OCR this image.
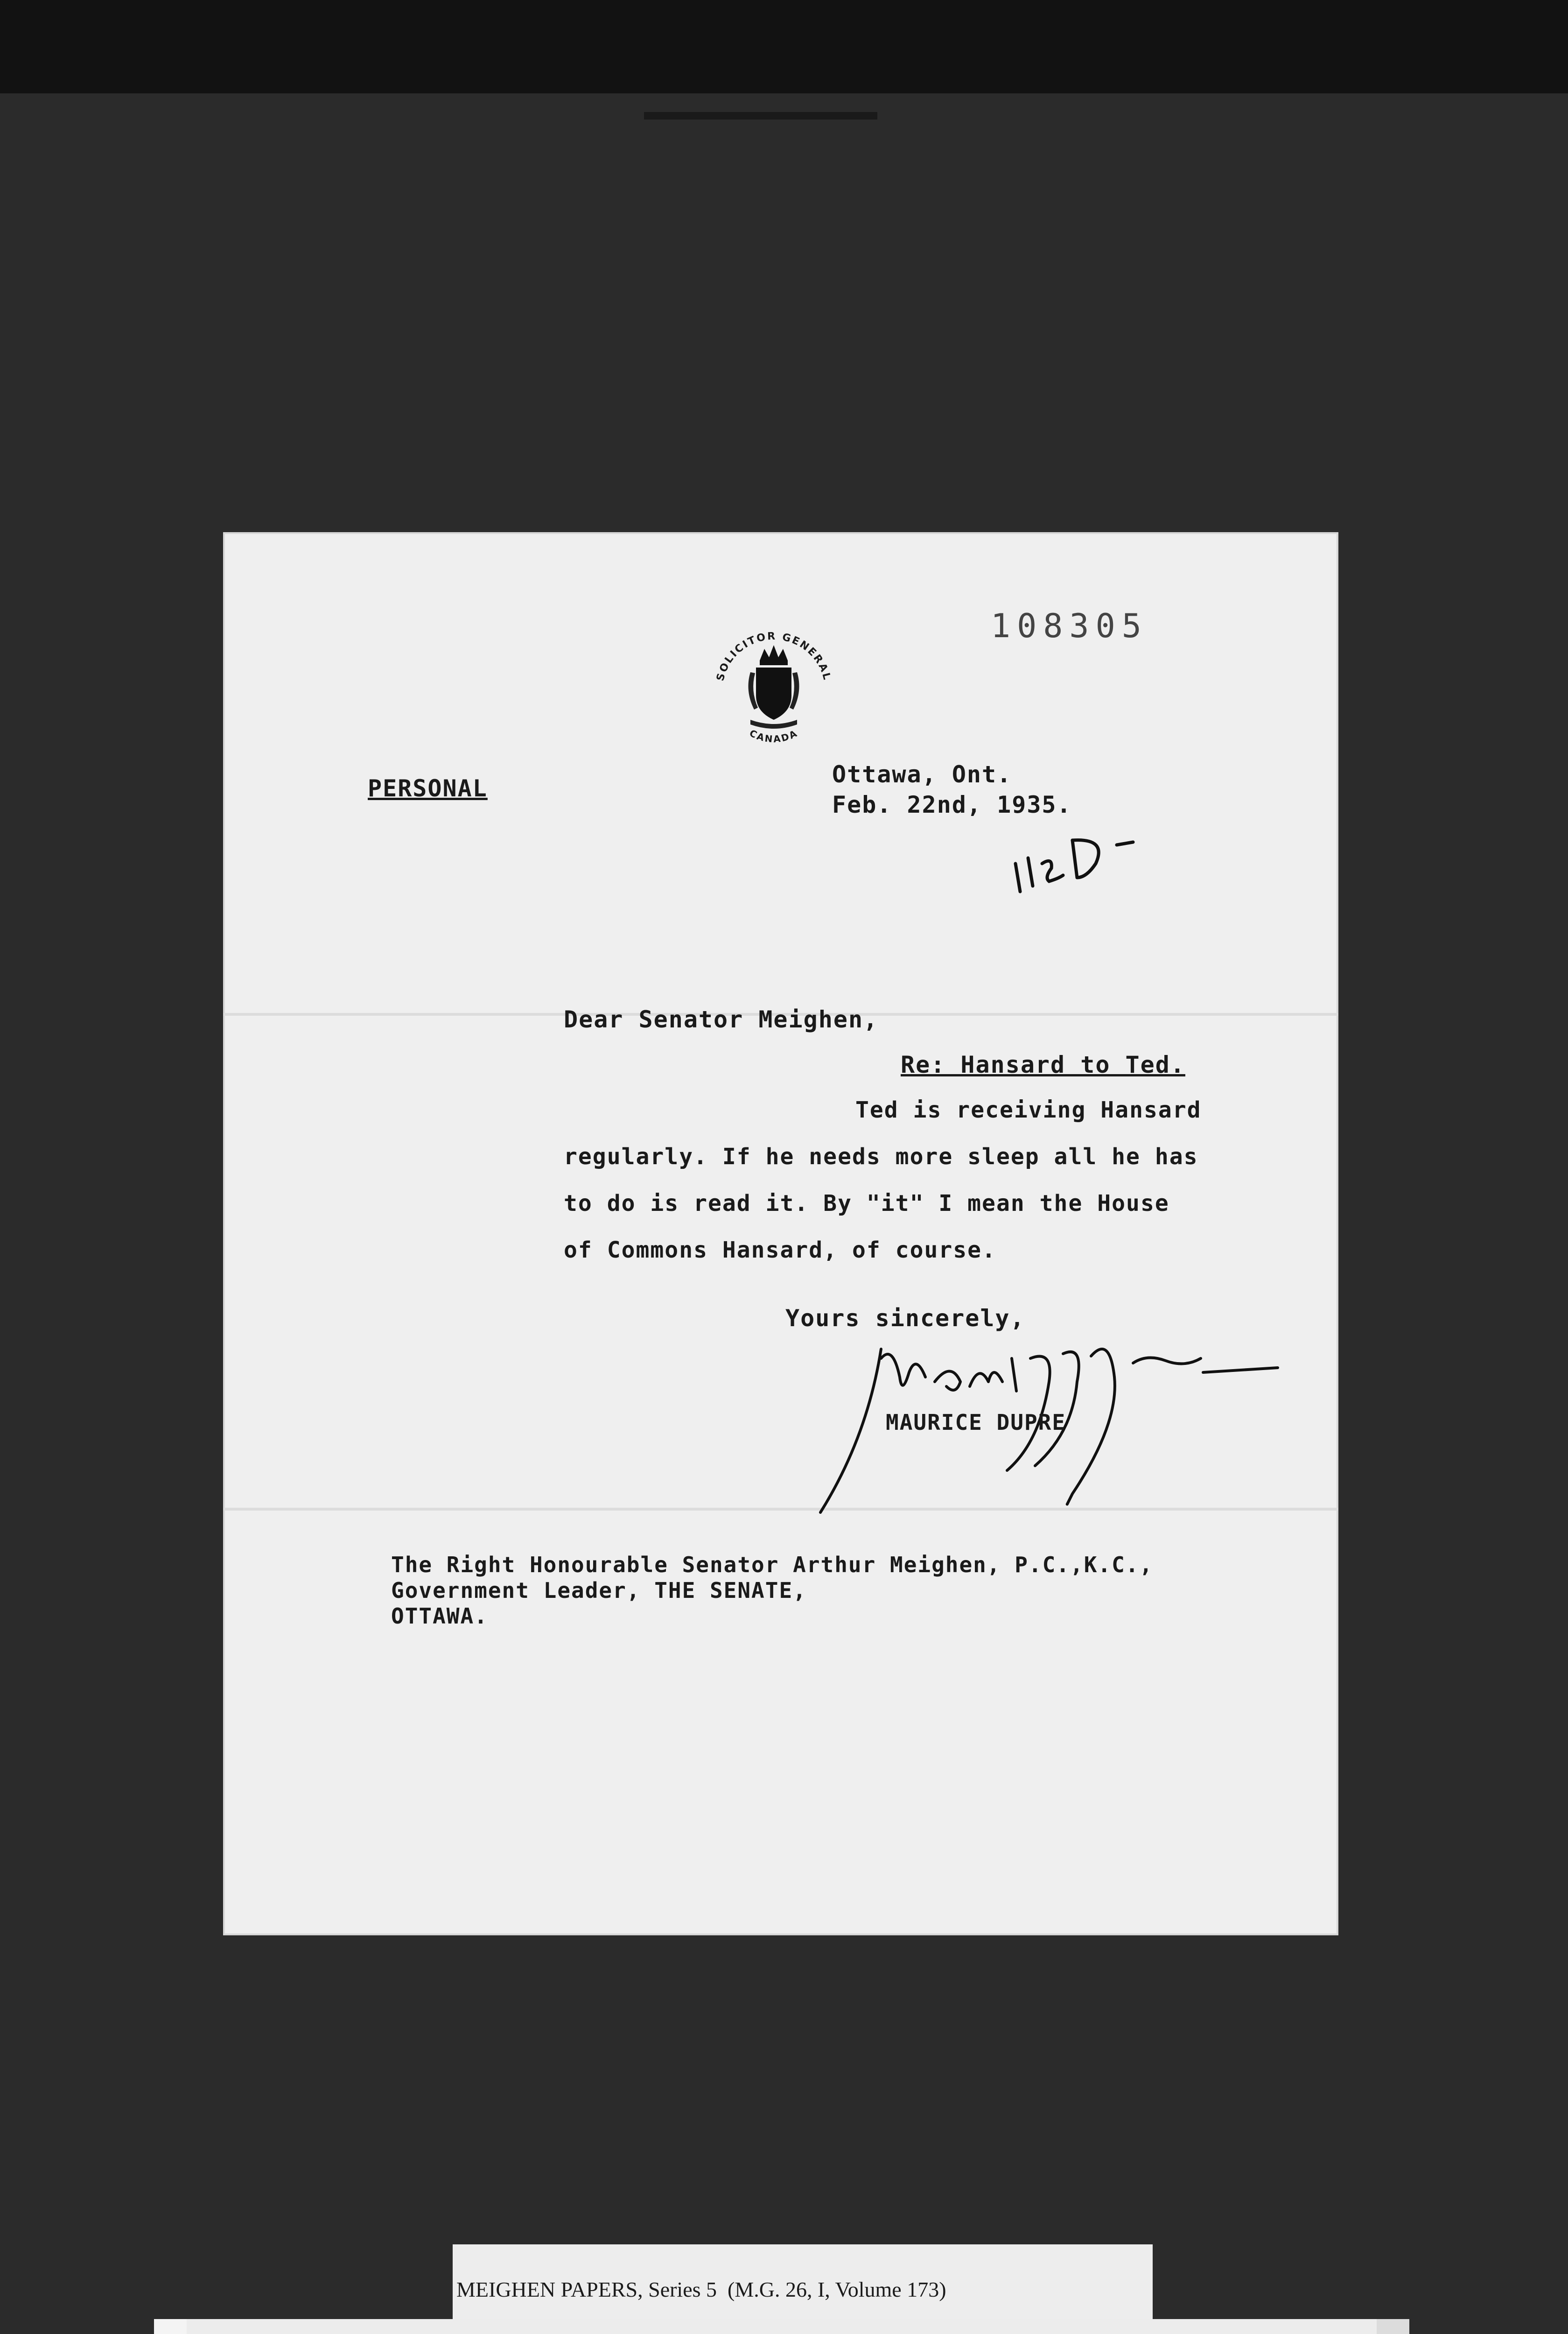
SOLICITOR GENERAL
CANADA
108305
PERSONAL
Ottawa, Ont.
Feb. 22nd, 1935.
Dear Senator Meighen,
Re: Hansard to Ted.
Ted is receiving Hansard
regularly. If he needs more sleep all he has
to do is read it. By "it" I mean the House
of Commons Hansard, of course.
Yours sincerely,
MAURICE DUPRE
The Right Honourable Senator Arthur Meighen, P.C.,K.C.,
Government Leader, THE SENATE,
OTTAWA.
MEIGHEN PAPERS, Series 5 (M.G. 26, I, Volume 173)
